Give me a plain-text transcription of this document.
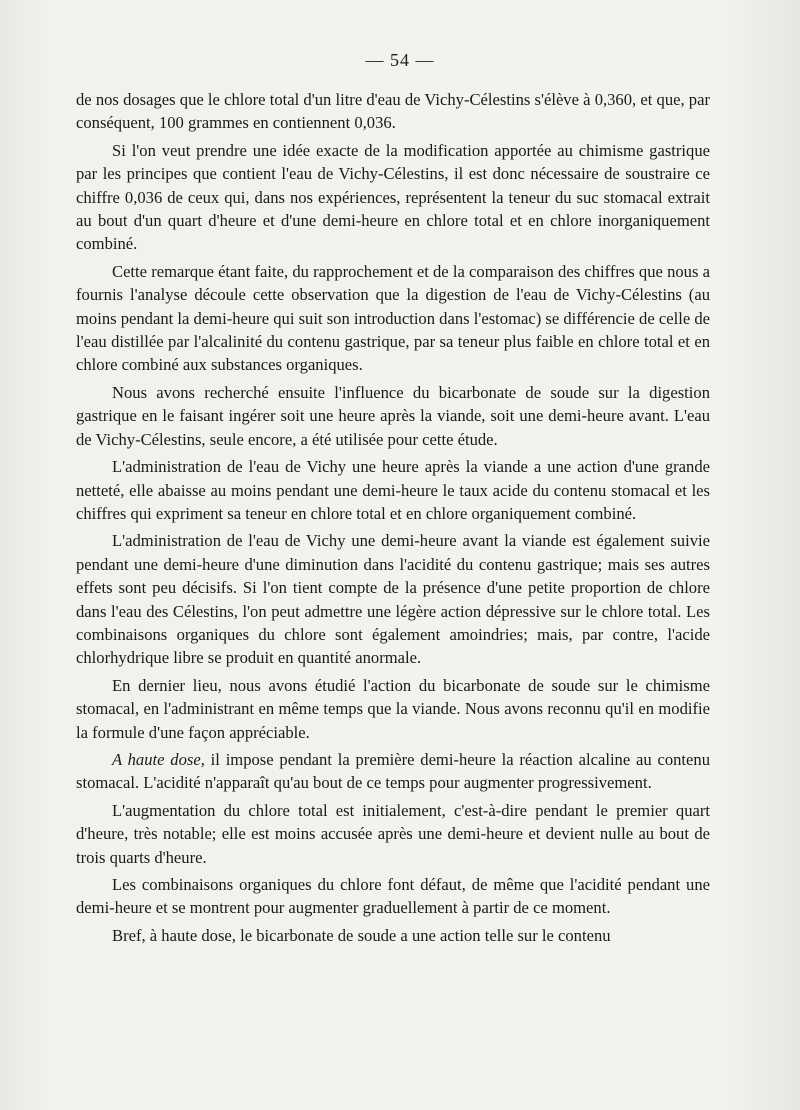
— 54 —

de nos dosages que le chlore total d'un litre d'eau de Vichy-Célestins s'élève à 0,360, et que, par conséquent, 100 grammes en contiennent 0,036.

Si l'on veut prendre une idée exacte de la modification apportée au chimisme gastrique par les principes que contient l'eau de Vichy-Célestins, il est donc nécessaire de soustraire ce chiffre 0,036 de ceux qui, dans nos expériences, représentent la teneur du suc stomacal extrait au bout d'un quart d'heure et d'une demi-heure en chlore total et en chlore inorganiquement combiné.

Cette remarque étant faite, du rapprochement et de la comparaison des chiffres que nous a fournis l'analyse découle cette observation que la digestion de l'eau de Vichy-Célestins (au moins pendant la demi-heure qui suit son introduction dans l'estomac) se différencie de celle de l'eau distillée par l'alcalinité du contenu gastrique, par sa teneur plus faible en chlore total et en chlore combiné aux substances organiques.

Nous avons recherché ensuite l'influence du bicarbonate de soude sur la digestion gastrique en le faisant ingérer soit une heure après la viande, soit une demi-heure avant. L'eau de Vichy-Célestins, seule encore, a été utilisée pour cette étude.

L'administration de l'eau de Vichy une heure après la viande a une action d'une grande netteté, elle abaisse au moins pendant une demi-heure le taux acide du contenu stomacal et les chiffres qui expriment sa teneur en chlore total et en chlore organiquement combiné.

L'administration de l'eau de Vichy une demi-heure avant la viande est également suivie pendant une demi-heure d'une diminution dans l'acidité du contenu gastrique; mais ses autres effets sont peu décisifs. Si l'on tient compte de la présence d'une petite proportion de chlore dans l'eau des Célestins, l'on peut admettre une légère action dépressive sur le chlore total. Les combinaisons organiques du chlore sont également amoindries; mais, par contre, l'acide chlorhydrique libre se produit en quantité anormale.

En dernier lieu, nous avons étudié l'action du bicarbonate de soude sur le chimisme stomacal, en l'administrant en même temps que la viande. Nous avons reconnu qu'il en modifie la formule d'une façon appréciable.

A haute dose, il impose pendant la première demi-heure la réaction alcaline au contenu stomacal. L'acidité n'apparaît qu'au bout de ce temps pour augmenter progressivement.

L'augmentation du chlore total est initialement, c'est-à-dire pendant le premier quart d'heure, très notable; elle est moins accusée après une demi-heure et devient nulle au bout de trois quarts d'heure.

Les combinaisons organiques du chlore font défaut, de même que l'acidité pendant une demi-heure et se montrent pour augmenter graduellement à partir de ce moment.

Bref, à haute dose, le bicarbonate de soude a une action telle sur le contenu
